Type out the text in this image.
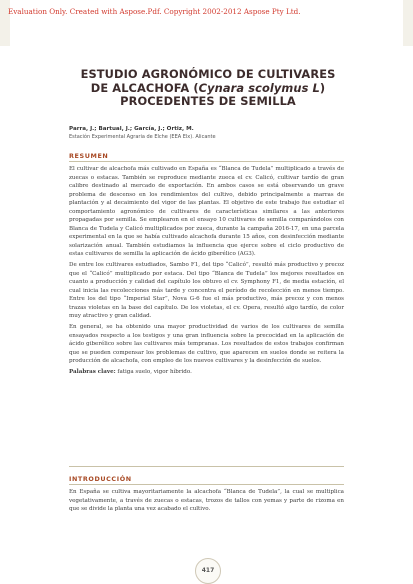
Evaluation Only. Created with Aspose.Pdf. Copyright 2002-2012 Aspose Pty Ltd.
ESTUDIO AGRONÓMICO DE CULTIVARES
DE ALCACHOFA (Cynara scolymus L)
PROCEDENTES DE SEMILLA
Parra, J.; Bartual, J.; García, J.; Ortiz, M.
Estación Experimental Agraria de Elche (EEA Elx). Alicante
RESUMEN

El cultivar de alcachofa más cultivado en España es “Blanca de Tudela” multiplicado a través de zuecas o estacas. También se reproduce mediante zueca el cv. Calicó, cultivar tardío de gran calibre destinado al mercado de exportación. En ambos casos se está observando un grave problema de descenso en los rendimientos del cultivo, debido principalmente a marras de plantación y al decaimiento del vigor de las plantas. El objetivo de este trabajo fue estudiar el comportamiento agronómico de cultivares de características similares a las anteriores propagadas por semilla. Se emplearon en el ensayo 10 cultivares de semilla comparándolos con Blanca de Tudela y Calicó multiplicados por zueca, durante la campaña 2016-17, en una parcela experimental en la que se había cultivado alcachofa durante 15 años, con desinfección mediante solarización anual. También estudiamos la influencia que ejerce sobre el ciclo productivo de estas cultivares de semilla la aplicación de ácido giberélico (AG3).

De entre los cultivares estudiados, Sambo F1, del tipo “Calicó”, resultó más productivo y precoz que el “Calicó” multiplicado por estaca. Del tipo “Blanca de Tudela” los mejores resultados en cuanto a producción y calidad del capítulo los obtuvo el cv. Symphony F1, de media estación, el cual inicia las recolecciones más tarde y concentra el período de recolección en menos tiempo. Entre los del tipo “Imperial Star”, Nova G-6 fue el más productivo, más precoz y con menos trazas violetas en la base del capítulo. De los violetas, el cv. Opera, resultó algo tardío, de color muy atractivo y gran calidad.

En general, se ha obtenido una mayor productividad de varios de los cultivares de semilla ensayados respecto a los testigos y una gran influencia sobre la precocidad en la aplicación de ácido giberélico sobre las cultivares más tempranas. Los resultados de estos trabajos confirman que se pueden compensar los problemas de cultivo, que aparecen en suelos donde se reitera la producción de alcachofa, con empleo de los nuevos cultivares y la desinfección de suelos.

Palabras clave: fatiga suelo, vigor híbrido.

INTRODUCCIÓN

En España se cultiva mayoritariamente la alcachofa “Blanca de Tudela”, la cual se multiplica vegetativamente, a través de zuecas o estacas, trozos de tallos con yemas y parte de rizoma en que se divide la planta una vez acabado el cultivo.

417
